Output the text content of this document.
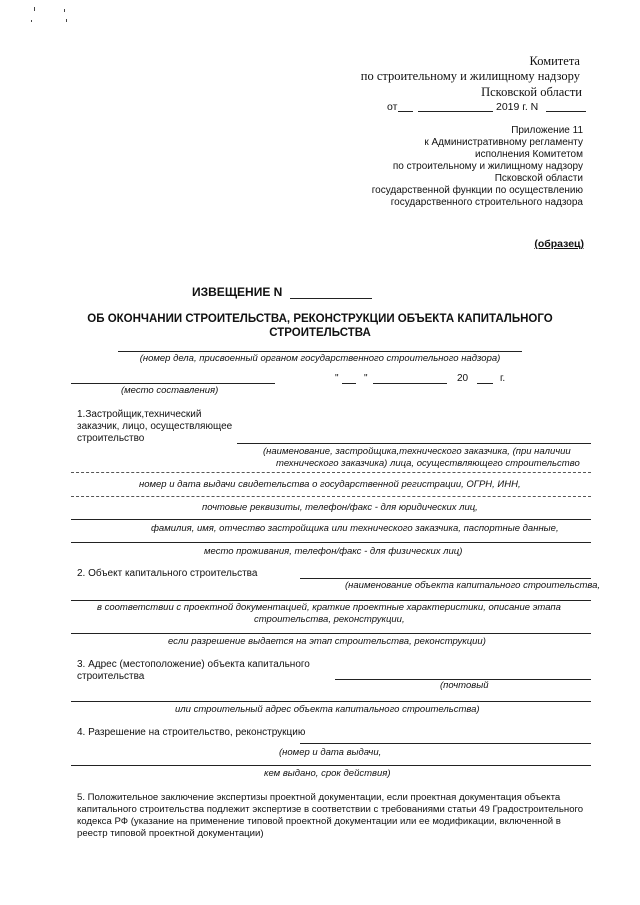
Комитета
по строительному и жилищному надзору
Псковской области
от	2019 г. N
Приложение 11
к Административному регламенту
исполнения Комитетом
по строительному и жилищному надзору
Псковской области
государственной функции по осуществлению
государственного строительного надзора
(образец)
ИЗВЕЩЕНИЕ N
ОБ ОКОНЧАНИИ СТРОИТЕЛЬСТВА, РЕКОНСТРУКЦИИ ОБЪЕКТА КАПИТАЛЬНОГО
СТРОИТЕЛЬСТВА
(номер дела, присвоенный органом государственного строительного надзора)
(место составления)
"	"	20	г.
1.Застройщик,технический
заказчик, лицо, осуществляющее
строительство
(наименование, застройщика,технического заказчика, (при наличии
технического заказчика) лица, осуществляющего строительство
номер и дата выдачи свидетельства о государственной регистрации, ОГРН, ИНН,
почтовые реквизиты, телефон/факс - для юридических лиц,
фамилия, имя, отчество застройщика или технического заказчика, паспортные данные,
место проживания, телефон/факс - для физических лиц)
2. Объект капитального строительства
(наименование объекта капитального строительства,
в соответствии с проектной документацией, краткие проектные характеристики, описание этапа
строительства, реконструкции,
если разрешение выдается на этап строительства, реконструкции)
3. Адрес (местоположение) объекта капитального
строительства
(почтовый
или строительный адрес объекта капитального строительства)
4. Разрешение на строительство, реконструкцию
(номер и дата выдачи,
кем выдано, срок действия)
5. Положительное заключение экспертизы проектной документации, если проектная документация объекта
капитального строительства подлежит экспертизе в соответствии с требованиями статьи 49 Градостроительного
кодекса РФ (указание на применение типовой проектной документации или ее модификации, включенной в
реестр типовой проектной документации)
